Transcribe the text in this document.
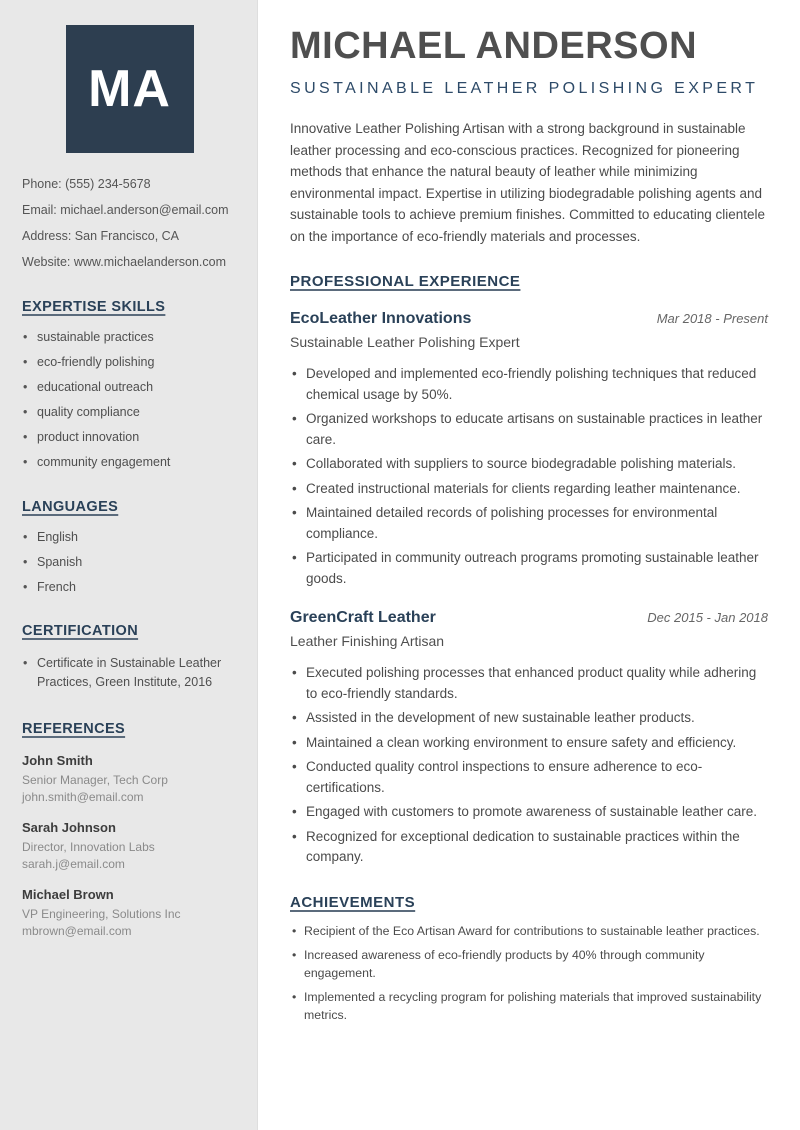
MA
Phone: (555) 234-5678
Email: michael.anderson@email.com
Address: San Francisco, CA
Website: www.michaelanderson.com
EXPERTISE SKILLS
• sustainable practices
• eco-friendly polishing
• educational outreach
• quality compliance
• product innovation
• community engagement
LANGUAGES
• English
• Spanish
• French
CERTIFICATION
• Certificate in Sustainable Leather Practices, Green Institute, 2016
REFERENCES
John Smith
Senior Manager, Tech Corp
john.smith@email.com
Sarah Johnson
Director, Innovation Labs
sarah.j@email.com
Michael Brown
VP Engineering, Solutions Inc
mbrown@email.com
MICHAEL ANDERSON
SUSTAINABLE LEATHER POLISHING EXPERT

Innovative Leather Polishing Artisan with a strong background in sustainable leather processing and eco-conscious practices. Recognized for pioneering methods that enhance the natural beauty of leather while minimizing environmental impact. Expertise in utilizing biodegradable polishing agents and sustainable tools to achieve premium finishes. Committed to educating clientele on the importance of eco-friendly materials and processes.

PROFESSIONAL EXPERIENCE
EcoLeather Innovations	Mar 2018 - Present
Sustainable Leather Polishing Expert
• Developed and implemented eco-friendly polishing techniques that reduced chemical usage by 50%.
• Organized workshops to educate artisans on sustainable practices in leather care.
• Collaborated with suppliers to source biodegradable polishing materials.
• Created instructional materials for clients regarding leather maintenance.
• Maintained detailed records of polishing processes for environmental compliance.
• Participated in community outreach programs promoting sustainable leather goods.
GreenCraft Leather	Dec 2015 - Jan 2018
Leather Finishing Artisan
• Executed polishing processes that enhanced product quality while adhering to eco-friendly standards.
• Assisted in the development of new sustainable leather products.
• Maintained a clean working environment to ensure safety and efficiency.
• Conducted quality control inspections to ensure adherence to eco-certifications.
• Engaged with customers to promote awareness of sustainable leather care.
• Recognized for exceptional dedication to sustainable practices within the company.
ACHIEVEMENTS
• Recipient of the Eco Artisan Award for contributions to sustainable leather practices.
• Increased awareness of eco-friendly products by 40% through community engagement.
• Implemented a recycling program for polishing materials that improved sustainability metrics.
